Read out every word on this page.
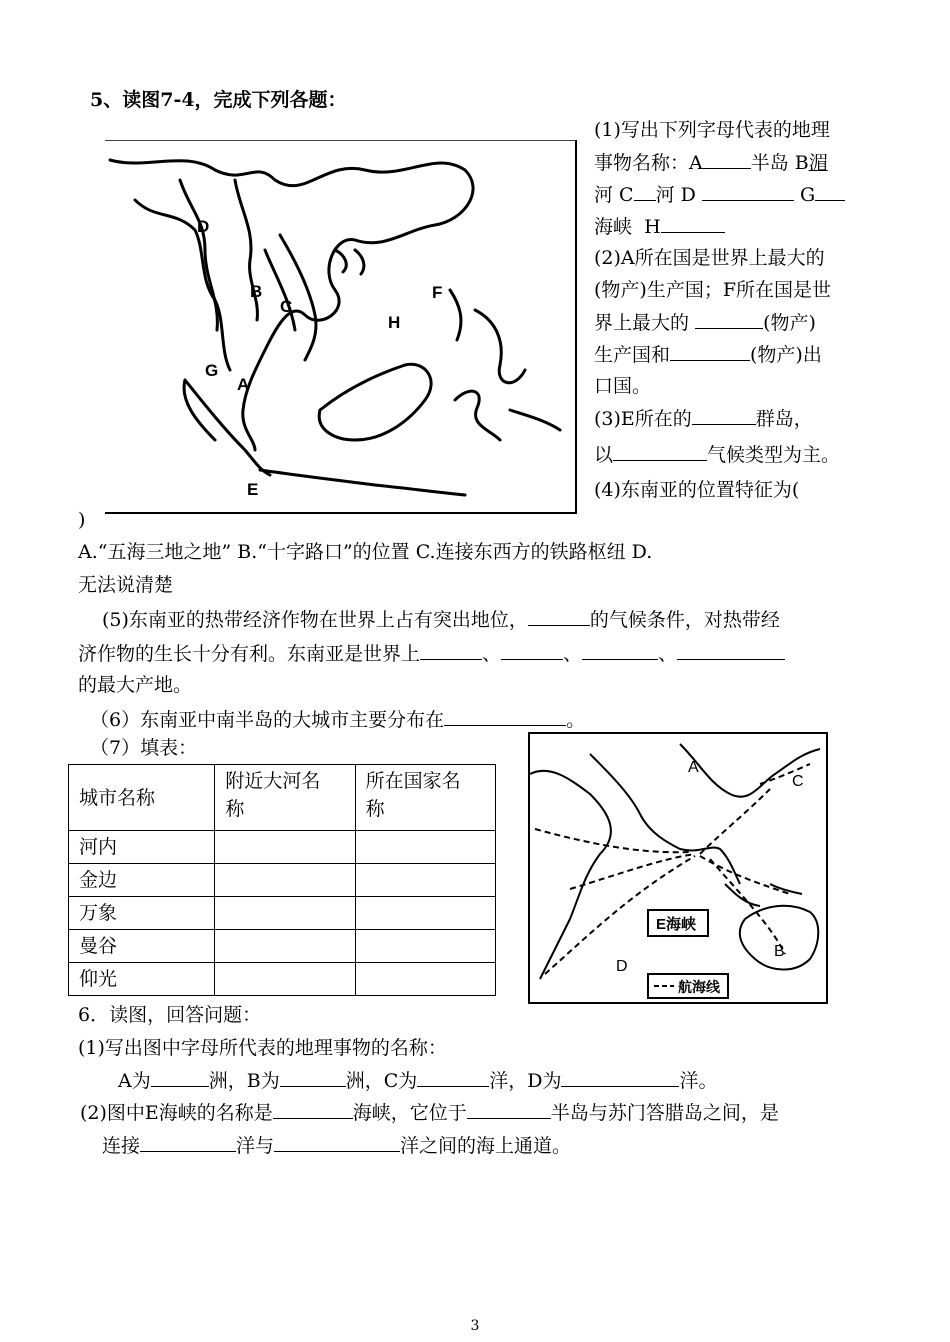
5、读图7-4，完成下列各题：
D
B
C
F
H
G
A
E
(1)写出下列字母代表的地理
事物名称：A	半岛 B湄
河 C 河 D	G
海峡 H
(2)A所在国是世界上最大的
(物产)生产国；F所在国是世
界上最大的	(物产)
生产国和	(物产)出
口国。
(3)E所在的	群岛，
以	气候类型为主。
(4)东南亚的位置特征为(
)
A.“五海三地之地” B.“十字路口”的位置 C.连接东西方的铁路枢纽 D.
无法说清楚
(5)东南亚的热带经济作物在世界上占有突出地位，	的气候条件，对热带经
济作物的生长十分有利。东南亚是世界上	、	、	、
的最大产地。
（6）东南亚中南半岛的大城市主要分布在	。
（7）填表：
城市名称	附近大河名
称	所在国家名
称
河内		
金边		
万象		
曼谷		
仰光		
A
C
B
D
E海峡
航海线
6．读图，回答问题：
(1)写出图中字母所代表的地理事物的名称：
A为	洲，B为	洲，C为	洋，D为	洋。
(2)图中E海峡的名称是	海峡，它位于	半岛与苏门答腊岛之间，是
连接	洋与	洋之间的海上通道。
3
